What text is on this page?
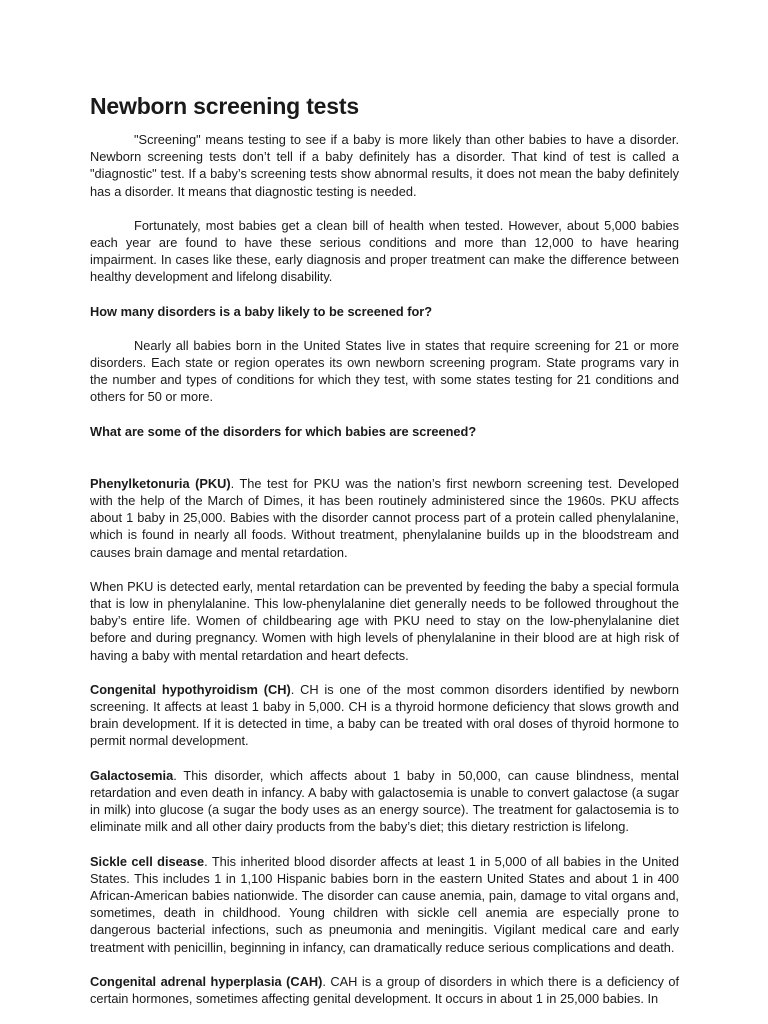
Newborn screening tests

"Screening" means testing to see if a baby is more likely than other babies to have a disorder. Newborn screening tests don’t tell if a baby definitely has a disorder. That kind of test is called a "diagnostic" test. If a baby’s screening tests show abnormal results, it does not mean the baby definitely has a disorder. It means that diagnostic testing is needed.

Fortunately, most babies get a clean bill of health when tested. However, about 5,000 babies each year are found to have these serious conditions and more than 12,000 to have hearing impairment. In cases like these, early diagnosis and proper treatment can make the difference between healthy development and lifelong disability.

How many disorders is a baby likely to be screened for?

Nearly all babies born in the United States live in states that require screening for 21 or more disorders. Each state or region operates its own newborn screening program. State programs vary in the number and types of conditions for which they test, with some states testing for 21 conditions and others for 50 or more.

What are some of the disorders for which babies are screened?

Phenylketonuria (PKU). The test for PKU was the nation’s first newborn screening test. Developed with the help of the March of Dimes, it has been routinely administered since the 1960s. PKU affects about 1 baby in 25,000. Babies with the disorder cannot process part of a protein called phenylalanine, which is found in nearly all foods. Without treatment, phenylalanine builds up in the bloodstream and causes brain damage and mental retardation.

When PKU is detected early, mental retardation can be prevented by feeding the baby a special formula that is low in phenylalanine. This low-phenylalanine diet generally needs to be followed throughout the baby’s entire life. Women of childbearing age with PKU need to stay on the low-phenylalanine diet before and during pregnancy. Women with high levels of phenylalanine in their blood are at high risk of having a baby with mental retardation and heart defects.

Congenital hypothyroidism (CH). CH is one of the most common disorders identified by newborn screening. It affects at least 1 baby in 5,000. CH is a thyroid hormone deficiency that slows growth and brain development. If it is detected in time, a baby can be treated with oral doses of thyroid hormone to permit normal development.

Galactosemia. This disorder, which affects about 1 baby in 50,000, can cause blindness, mental retardation and even death in infancy. A baby with galactosemia is unable to convert galactose (a sugar in milk) into glucose (a sugar the body uses as an energy source). The treatment for galactosemia is to eliminate milk and all other dairy products from the baby’s diet; this dietary restriction is lifelong.

Sickle cell disease. This inherited blood disorder affects at least 1 in 5,000 of all babies in the United States. This includes 1 in 1,100 Hispanic babies born in the eastern United States and about 1 in 400 African-American babies nationwide. The disorder can cause anemia, pain, damage to vital organs and, sometimes, death in childhood. Young children with sickle cell anemia are especially prone to dangerous bacterial infections, such as pneumonia and meningitis. Vigilant medical care and early treatment with penicillin, beginning in infancy, can dramatically reduce serious complications and death.

Congenital adrenal hyperplasia (CAH). CAH is a group of disorders in which there is a deficiency of certain hormones, sometimes affecting genital development. It occurs in about 1 in 25,000 babies. In
